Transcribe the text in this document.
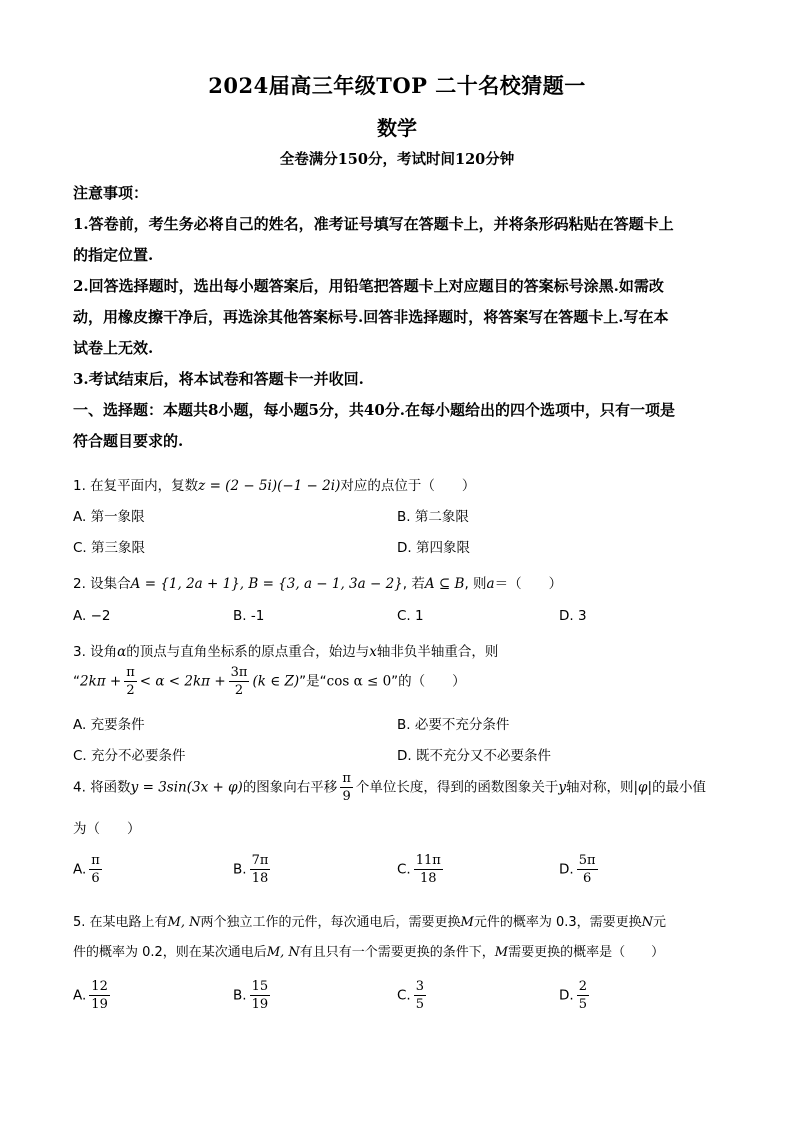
2024届高三年级TOP 二十名校猜题一
数学
全卷满分150分，考试时间120分钟
注意事项：
1.答卷前，考生务必将自己的姓名，准考证号填写在答题卡上，并将条形码粘贴在答题卡上
的指定位置.
2.回答选择题时，选出每小题答案后，用铅笔把答题卡上对应题目的答案标号涂黑.如需改
动，用橡皮擦干净后，再选涂其他答案标号.回答非选择题时，将答案写在答题卡上.写在本
试卷上无效.
3.考试结束后，将本试卷和答题卡一并收回.
一、选择题：本题共8小题，每小题5分，共40分.在每小题给出的四个选项中，只有一项是
符合题目要求的.
1. 在复平面内，复数z = (2 − 5i)(−1 − 2i)对应的点位于（　　）
A. 第一象限	B. 第二象限
C. 第三象限	D. 第四象限
2. 设集合A = {1, 2a + 1}, B = {3, a − 1, 3a − 2}, 若A ⊆ B, 则a＝（　　）
A. −2	B. -1	C. 1	D. 3
3. 设角α的顶点与直角坐标系的原点重合，始边与x轴非负半轴重合，则
“$2k\pi + \frac{\pi}{2} < \alpha < 2k\pi + \frac{3\pi}{2} (k$ ∈ Z)”是“cos α ≤ 0”的（　　）
A. 充要条件	B. 必要不充分条件
C. 充分不必要条件	D. 既不充分又不必要条件
4. 将函数y = 3sin(3x + φ)的图象向右平移 $\frac{\pi}{9}$ 个单位长度，得到的函数图象关于y轴对称，则|φ|的最小值
为（　　）
A. $\frac{\pi}{6}$	B. $\frac{7\pi}{18}$	C. $\frac{11\pi}{18}$	D. $\frac{5\pi}{6}$
5. 在某电路上有M, N两个独立工作的元件，每次通电后，需要更换M元件的概率为 0.3，需要更换N元
件的概率为 0.2，则在某次通电后M, N有且只有一个需要更换的条件下，M需要更换的概率是（　　）
A. $\frac{12}{19}$	B. $\frac{15}{19}$	C. $\frac{3}{5}$	D. $\frac{2}{5}$
